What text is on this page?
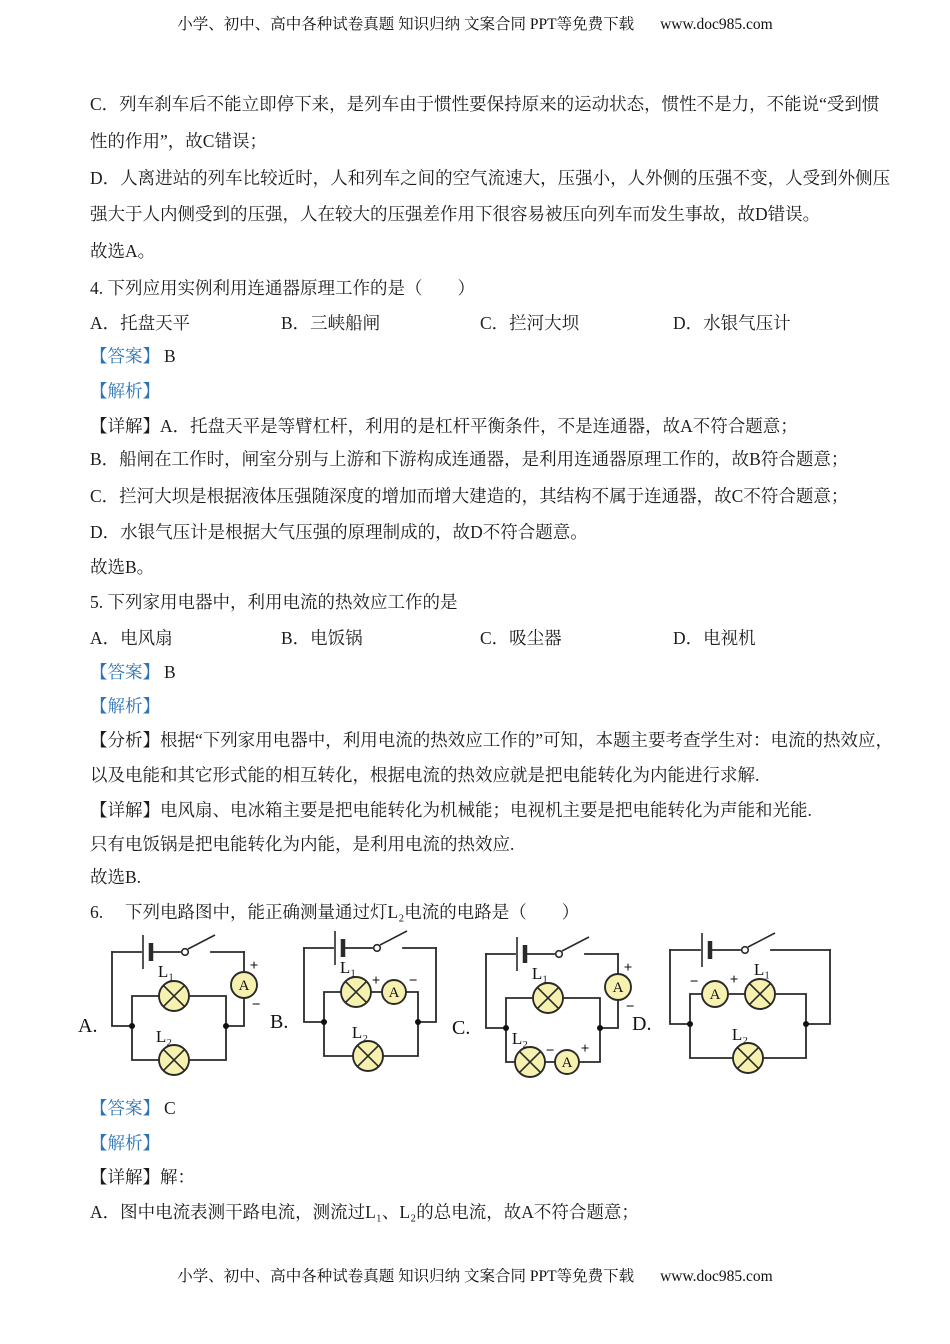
小学、初中、高中各种试卷真题 知识归纳 文案合同 PPT等免费下载 www.doc985.com
C．列车刹车后不能立即停下来，是列车由于惯性要保持原来的运动状态，惯性不是力，不能说“受到惯
性的作用”，故C错误；
D．人离进站的列车比较近时，人和列车之间的空气流速大，压强小，人外侧的压强不变，人受到外侧压
强大于人内侧受到的压强，人在较大的压强差作用下很容易被压向列车而发生事故，故D错误。
故选A。
4. 下列应用实例利用连通器原理工作的是（　　）
A．托盘天平	B．三峡船闸	C．拦河大坝	D．水银气压计
【答案】 B
【解析】
【详解】A．托盘天平是等臂杠杆，利用的是杠杆平衡条件，不是连通器，故A不符合题意；
B．船闸在工作时，闸室分别与上游和下游构成连通器，是利用连通器原理工作的，故B符合题意；
C．拦河大坝是根据液体压强随深度的增加而增大建造的，其结构不属于连通器，故C不符合题意；
D．水银气压计是根据大气压强的原理制成的，故D不符合题意。
故选B。
5. 下列家用电器中，利用电流的热效应工作的是
A．电风扇	B．电饭锅	C．吸尘器	D．电视机
【答案】 B
【解析】
【分析】根据“下列家用电器中，利用电流的热效应工作的”可知，本题主要考查学生对：电流的热效应，
以及电能和其它形式能的相互转化，根据电流的热效应就是把电能转化为内能进行求解.
【详解】电风扇、电冰箱主要是把电能转化为机械能；电视机主要是把电能转化为声能和光能.
只有电饭锅是把电能转化为内能，是利用电流的热效应.
故选B.
6.　 下列电路图中，能正确测量通过灯L₂电流的电路是（　　）
A.
A
+
−
L₁
L₂
B.
L₁
+
A
−
L₂	C.
A
+
−
L₁
L₂
−
A
+
D.
−
A
+
L₁
L₂
【答案】 C
【解析】
【详解】解：
A．图中电流表测干路电流，测流过L₁、L₂的总电流，故A不符合题意；
小学、初中、高中各种试卷真题 知识归纳 文案合同 PPT等免费下载 www.doc985.com
